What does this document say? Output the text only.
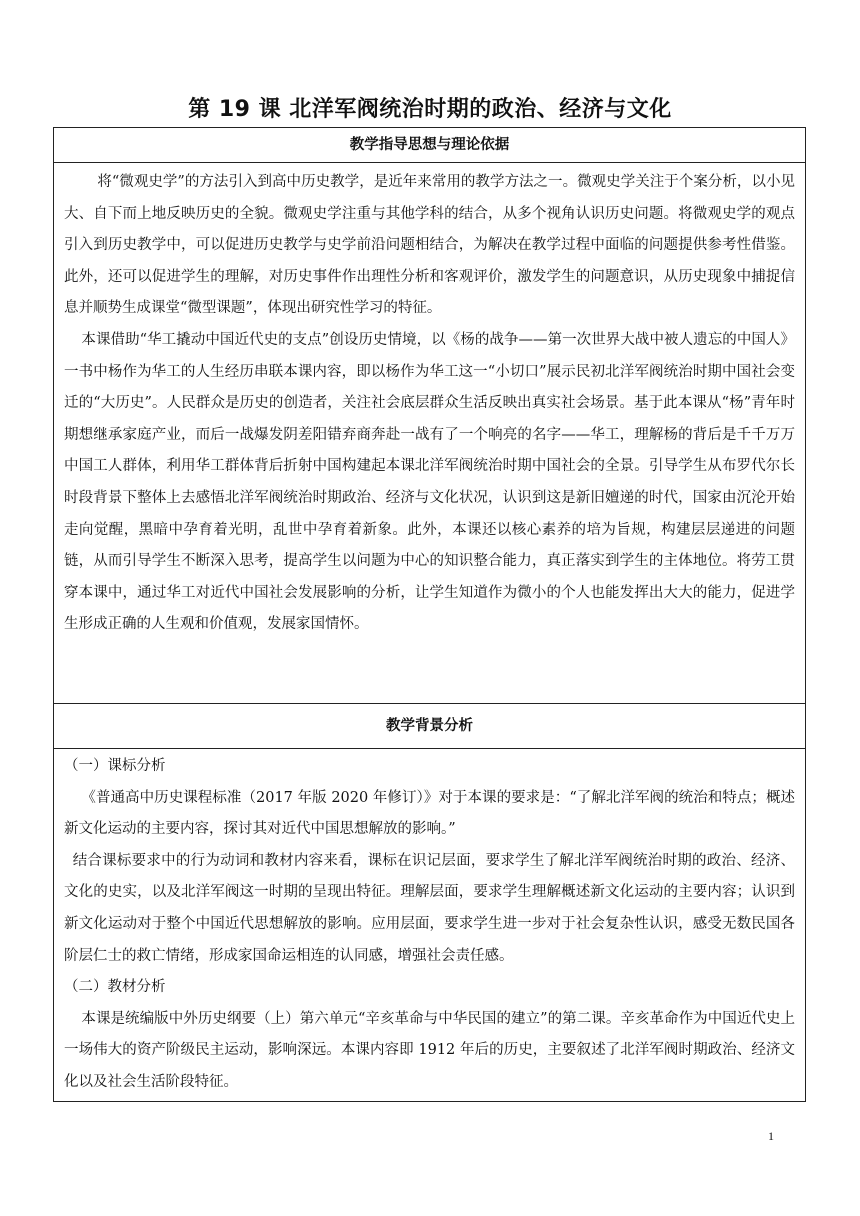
第 19 课 北洋军阀统治时期的政治、经济与文化
教学指导思想与理论依据

将“微观史学”的方法引入到高中历史教学，是近年来常用的教学方法之一。微观史学关注于个案分析，以小见大、自下而上地反映历史的全貌。微观史学注重与其他学科的结合，从多个视角认识历史问题。将微观史学的观点引入到历史教学中，可以促进历史教学与史学前沿问题相结合，为解决在教学过程中面临的问题提供参考性借鉴。此外，还可以促进学生的理解，对历史事件作出理性分析和客观评价，激发学生的问题意识，从历史现象中捕捉信息并顺势生成课堂“微型课题”，体现出研究性学习的特征。

本课借助“华工撬动中国近代史的支点”创设历史情境，以《杨的战争——第一次世界大战中被人遗忘的中国人》一书中杨作为华工的人生经历串联本课内容，即以杨作为华工这一“小切口”展示民初北洋军阀统治时期中国社会变迁的“大历史”。人民群众是历史的创造者，关注社会底层群众生活反映出真实社会场景。基于此本课从“杨”青年时期想继承家庭产业，而后一战爆发阴差阳错弃商奔赴一战有了一个响亮的名字——华工，理解杨的背后是千千万万中国工人群体，利用华工群体背后折射中国构建起本课北洋军阀统治时期中国社会的全景。引导学生从布罗代尔长时段背景下整体上去感悟北洋军阀统治时期政治、经济与文化状况，认识到这是新旧嬗递的时代，国家由沉沦开始走向觉醒，黑暗中孕育着光明，乱世中孕育着新象。此外，本课还以核心素养的培为旨规，构建层层递进的问题链，从而引导学生不断深入思考，提高学生以问题为中心的知识整合能力，真正落实到学生的主体地位。将劳工贯穿本课中，通过华工对近代中国社会发展影响的分析，让学生知道作为微小的个人也能发挥出大大的能力，促进学生形成正确的人生观和价值观，发展家国情怀。

教学背景分析

（一）课标分析

《普通高中历史课程标准（2017 年版 2020 年修订）》对于本课的要求是：“了解北洋军阀的统治和特点；概述新文化运动的主要内容，探讨其对近代中国思想解放的影响。”

结合课标要求中的行为动词和教材内容来看，课标在识记层面，要求学生了解北洋军阀统治时期的政治、经济、文化的史实，以及北洋军阀这一时期的呈现出特征。理解层面，要求学生理解概述新文化运动的主要内容；认识到新文化运动对于整个中国近代思想解放的影响。应用层面，要求学生进一步对于社会复杂性认识，感受无数民国各阶层仁士的救亡情绪，形成家国命运相连的认同感，增强社会责任感。

（二）教材分析

本课是统编版中外历史纲要（上）第六单元“辛亥革命与中华民国的建立”的第二课。辛亥革命作为中国近代史上一场伟大的资产阶级民主运动，影响深远。本课内容即 1912 年后的历史，主要叙述了北洋军阀时期政治、经济文化以及社会生活阶段特征。

1
